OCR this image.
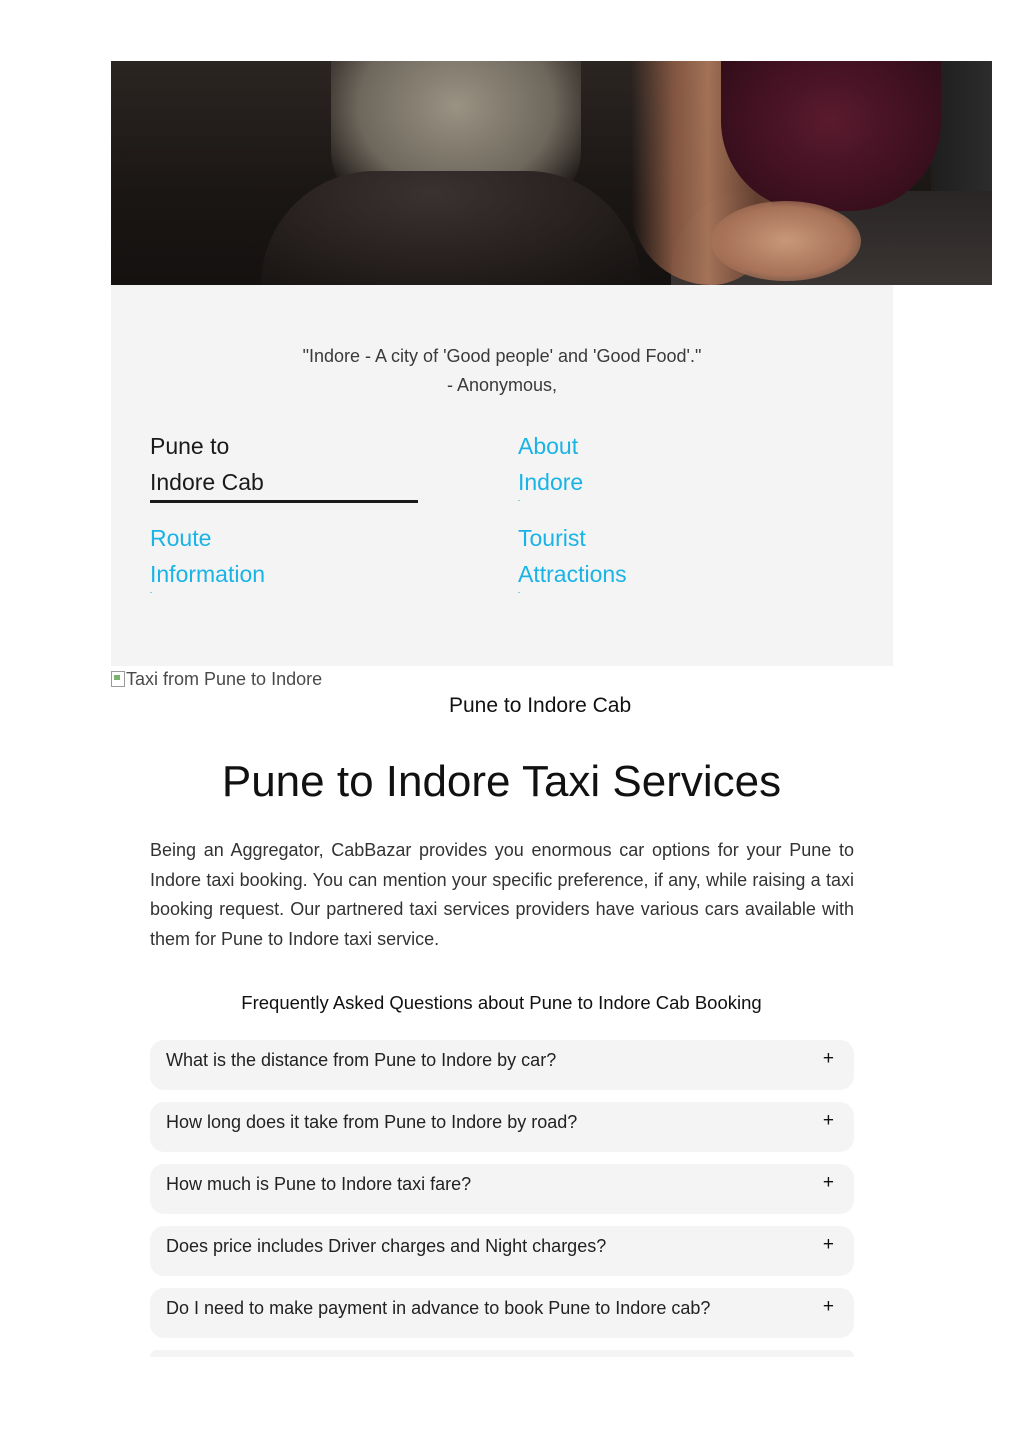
"Indore - A city of 'Good people' and 'Good Food'."
- Anonymous,
Pune to
Indore Cab
About
Indore
Route
Information
Tourist
Attractions
Taxi from Pune to Indore
Pune to Indore Cab
Pune to Indore Taxi Services

Being an Aggregator, CabBazar provides you enormous car options for your Pune to Indore taxi booking. You can mention your specific preference, if any, while raising a taxi booking request. Our partnered taxi services providers have various cars available with them for Pune to Indore taxi service.

Frequently Asked Questions about Pune to Indore Cab Booking
What is the distance from Pune to Indore by car?	+
How long does it take from Pune to Indore by road?	+
How much is Pune to Indore taxi fare?	+
Does price includes Driver charges and Night charges?	+
Do I need to make payment in advance to book Pune to Indore cab?	+
